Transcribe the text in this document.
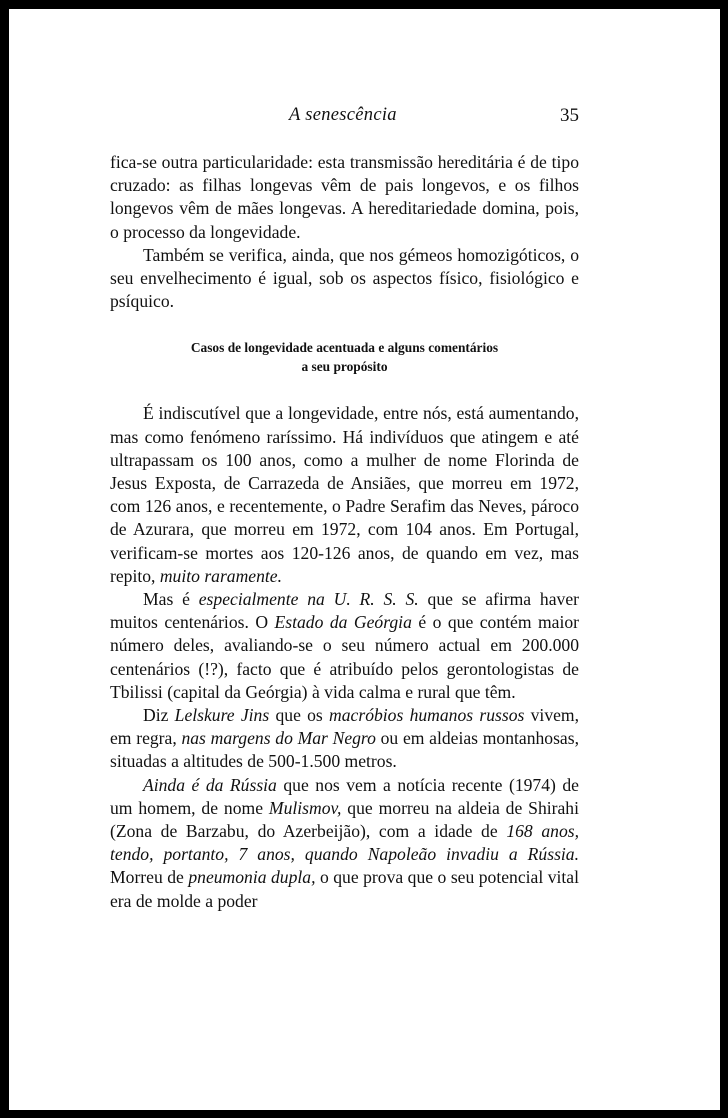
A senescência	35

fica-se outra particularidade: esta transmissão hereditária é de tipo cruzado: as filhas longevas vêm de pais longevos, e os filhos longevos vêm de mães longevas. A hereditariedade domina, pois, o processo da longevidade.

Também se verifica, ainda, que nos gémeos homozigóticos, o seu envelhecimento é igual, sob os aspectos físico, fisiológico e psíquico.

Casos de longevidade acentuada e alguns comentários
a seu propósito

É indiscutível que a longevidade, entre nós, está aumentando, mas como fenómeno raríssimo. Há indivíduos que atingem e até ultrapassam os 100 anos, como a mulher de nome Florinda de Jesus Exposta, de Carrazeda de Ansiães, que morreu em 1972, com 126 anos, e recentemente, o Padre Serafim das Neves, pároco de Azurara, que morreu em 1972, com 104 anos. Em Portugal, verificam-se mortes aos 120-126 anos, de quando em vez, mas repito, muito raramente.

Mas é especialmente na U. R. S. S. que se afirma haver muitos centenários. O Estado da Geórgia é o que contém maior número deles, avaliando-se o seu número actual em 200.000 centenários (!?), facto que é atribuído pelos gerontologistas de Tbilissi (capital da Geórgia) à vida calma e rural que têm.

Diz Lelskure Jins que os macróbios humanos russos vivem, em regra, nas margens do Mar Negro ou em aldeias montanhosas, situadas a altitudes de 500-1.500 metros.

Ainda é da Rússia que nos vem a notícia recente (1974) de um homem, de nome Mulismov, que morreu na aldeia de Shirahi (Zona de Barzabu, do Azerbeijão), com a idade de 168 anos, tendo, portanto, 7 anos, quando Napoleão invadiu a Rússia. Morreu de pneumonia dupla, o que prova que o seu potencial vital era de molde a poder
